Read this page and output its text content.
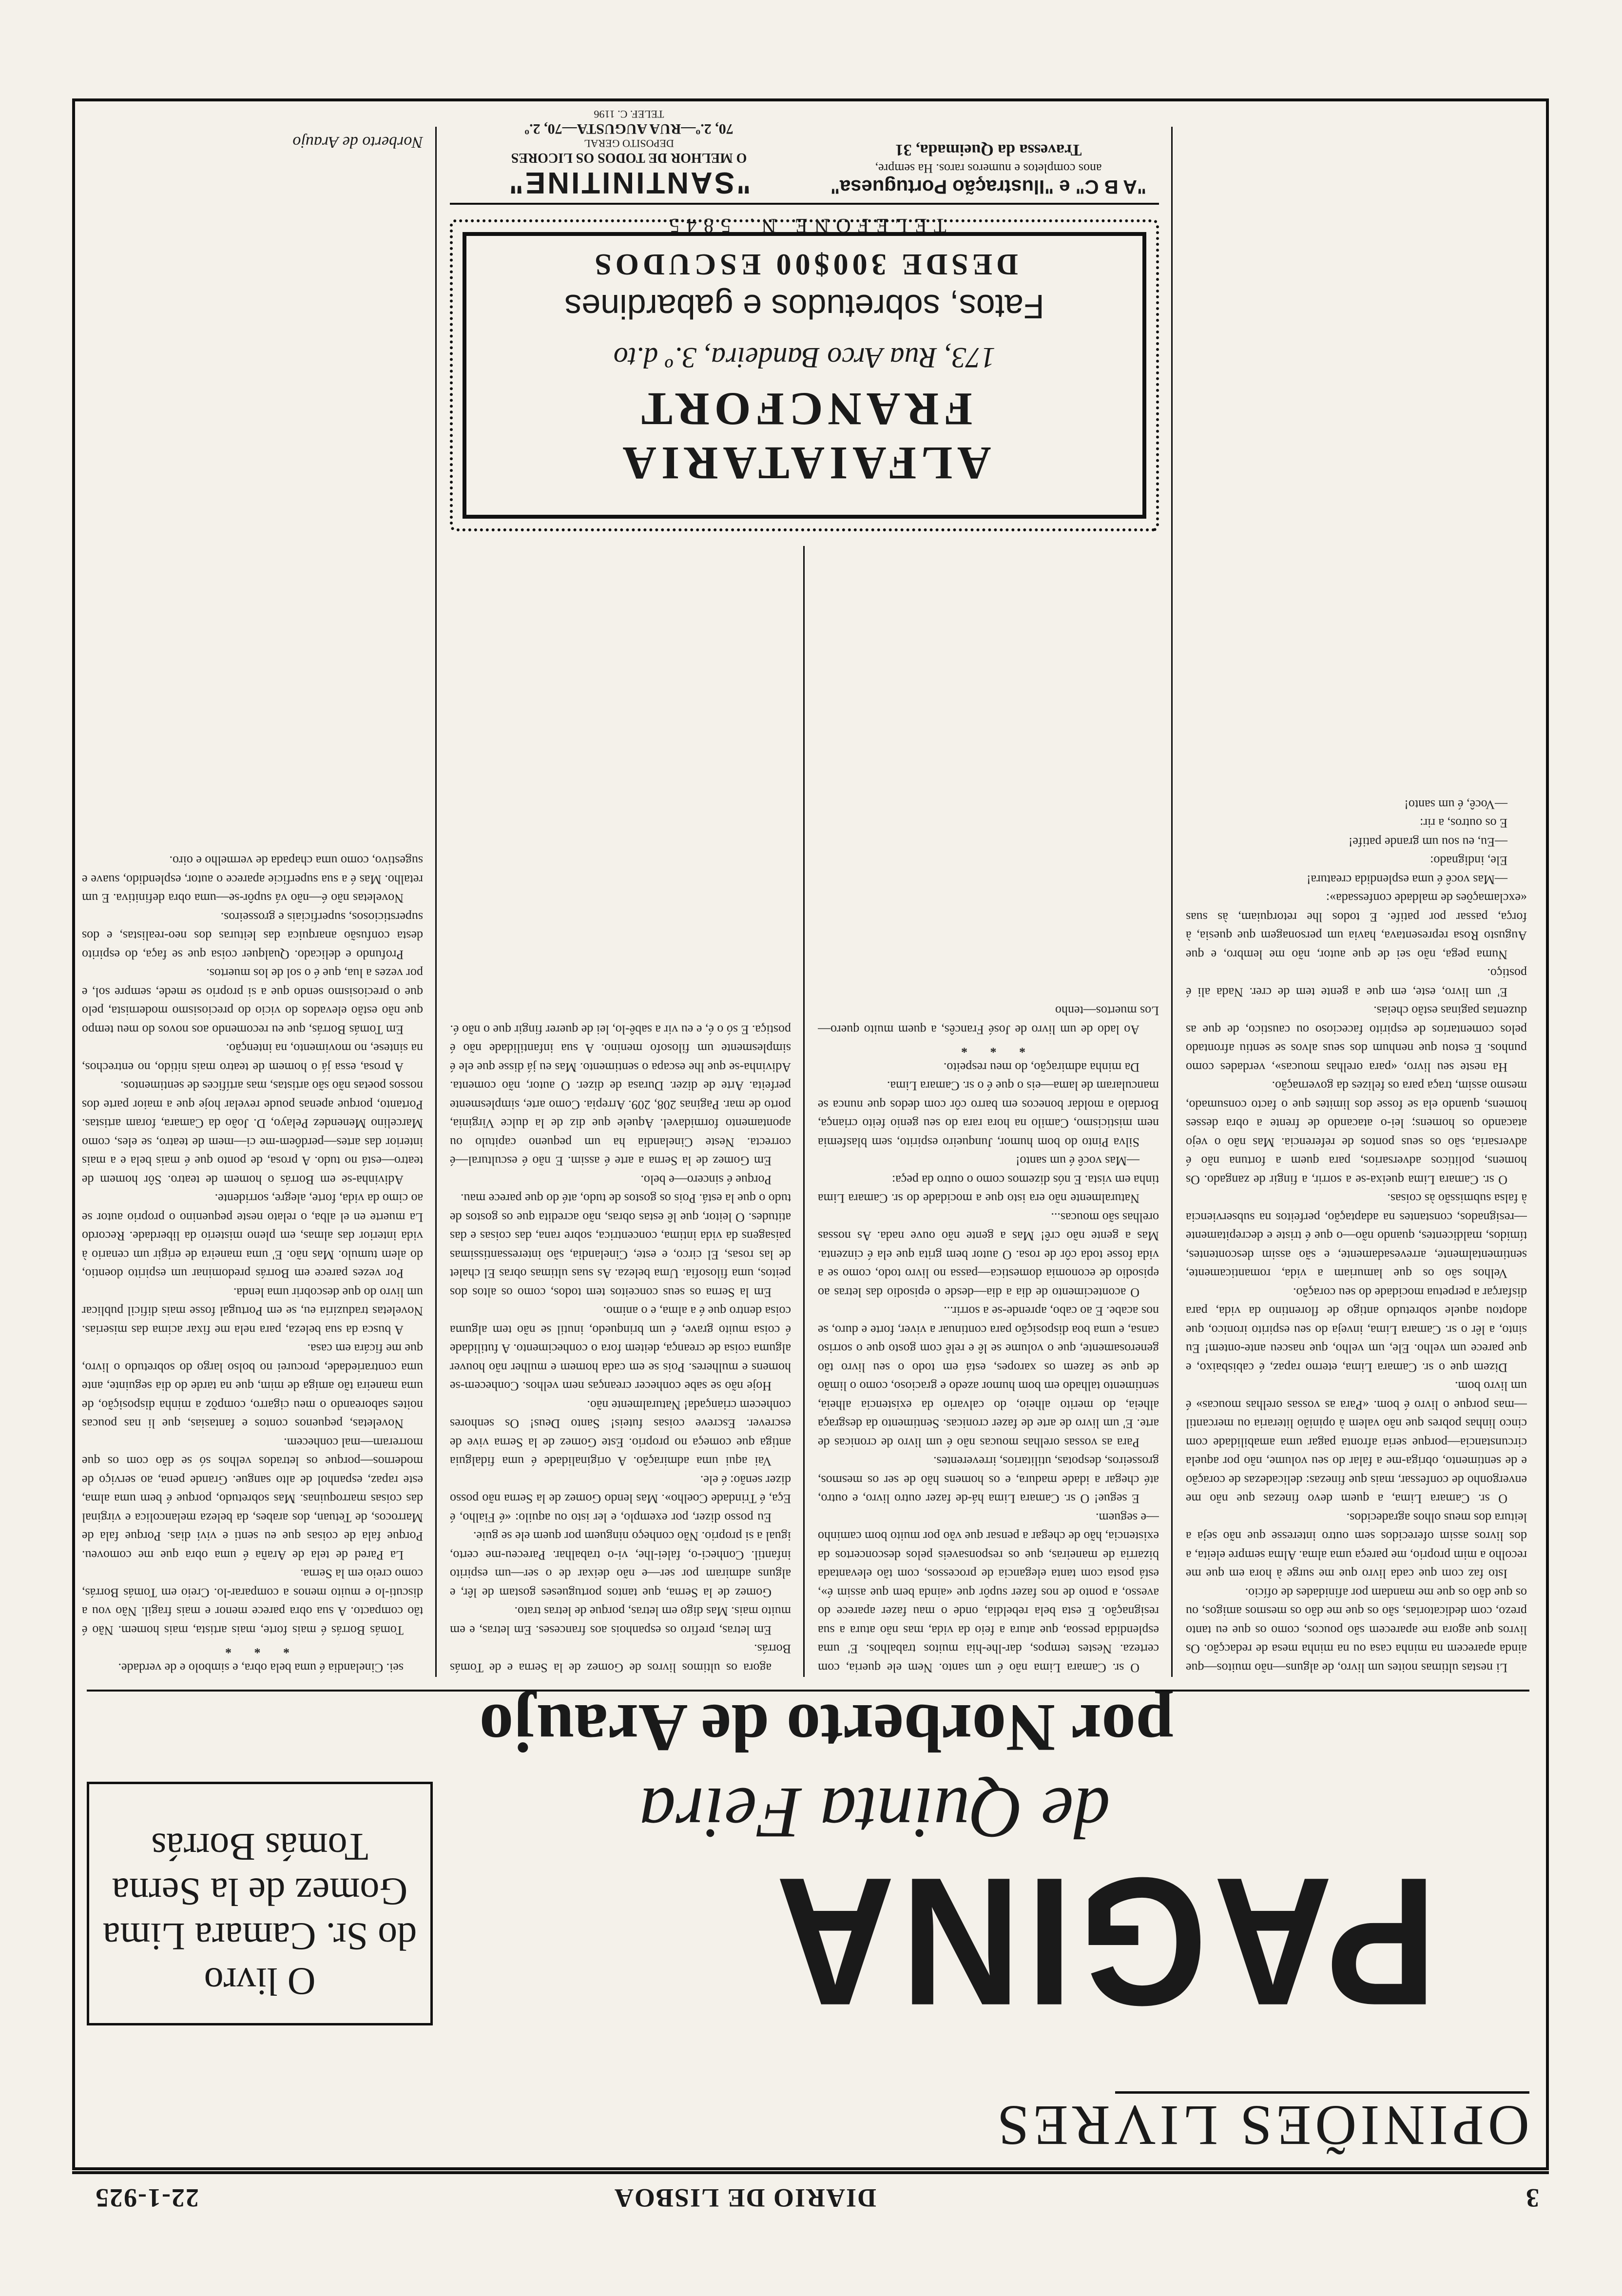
3
DIARIO DE LISBOA
22-1-925
OPINIÕES LIVRES
PAGINA
de Quinta Feira
por Norberto de Araujo
O livro
do Sr. Camara Lima
Gomez de la Serna
Tomás Borrás

Li nestas ultimas noites um livro, de alguns—não muitos—que ainda aparecem na minha casa ou na minha mesa de redacção. Os livros que agora me aparecem são poucos, como os que eu tanto prezo, com dedicatorias, são os que me dão os mesmos amigos, ou os que dão os que me mandam por afinidades de ofício.

Isto faz com que cada livro que me surge à hora em que me recolho a mim proprio, me pareça uma alma. Alma sempre eleita, a dos livros assim oferecidos sem outro interesse que não seja a leitura dos meus olhos agradecidos.

O sr. Camara Lima, a quem devo finezas que não me envergonho de confessar, mais que finezas: delicadezas de coração e de sentimento, obriga-me a falar do seu volume, não por aquela circunstancia—porque seria afronta pagar uma amabilidade com cinco linhas pobres que não valem à opinião literaria ou mercantil—mas porque o livro é bom. «Para as vossas orelhas moucas» é um livro bom.

Dizem que o sr. Camara Lima, eterno rapaz, é cabisbaixo, e que parece um velho. Ele, um velho, que nasceu ante-ontem! Eu sinto, a lêr o sr. Camara Lima, inveja do seu espirito ironico, que adoptou aquele sobretudo antigo de florentino da vida, para disfarçar a perpetua mocidade do seu coração.

Velhos são os que lamuriam a vida, romanticamente, sentimentalmente, arrevesadamente, e são assim descontentes, tímidos, maldicentes, quando não—o que é triste e decrepitamente—resignados, constantes na adaptação, perfeitos na subserviencia à falsa submissão às coisas.

O sr. Camara Lima queixa-se a sorrir, a fingir de zangado. Os homens, politicos adversarios, para quem a fortuna não é adversaria, são os seus pontos de referencia. Mas não o vejo atacando os homens; lei-o atacando de frente a obra desses homens, quando ela se fosse dos limites que o facto consumado, mesmo assim, traça para os felizes da governação.

Ha neste seu livro, «para orelhas moucas», verdades como punhos. E estou que nenhum dos seus alvos se sentiu afrontado pelos comentarios de espirito facecioso ou caustico, de que as duzentas paginas estão cheias.

E' um livro, este, em que a gente tem de crer. Nada ali é postiço.

Numa pega, não sei de que autor, não me lembro, e que Augusto Rosa representava, havia um personagem que quesia, à força, passar por patife. E todos lhe retorquiam, às suas «exclamações de maldade confessada»:

—Mas você é uma esplendida creatura!

Ele, indignado:

—Eu, eu sou um grande patife!

E os outros, a rir:

—Você, é um santo!

O sr. Camara Lima não é um santo. Nem ele queria, com certeza. Nestes tempos, dar-lhe-hia muitos trabalhos. E' uma esplendida pessoa, que atura a feio da vida, mas não atura a sua resignação. E esta bela rebeldia, onde o mau fazer aparece do avesso, a ponto de nos fazer supôr que «ainda bem que assim é», está posta com tanta elegancia de processos, com tão elevantada bizarria de maneiras, que os responsaveis pelos desconcertos da existencia, hão de chegar a pensar que vão por muito bom caminho—e seguem.

E segue! O sr. Camara Lima há-de fazer outro livro, e outro, até chegar a idade madura, e os homens hão de ser os mesmos, grosseiros, despotas, utilitarios, irreverentes.

Para as vossas orelhas moucas não é um livro de cronicas de arte. E' um livro de arte de fazer cronicas. Sentimento da desgraça alheia, do merito alheio, do calvario da existencia alheia, sentimento talhado em bom humor azedo e gracioso, como o limão de que se fazem os xaropes, está em todo o seu livro tão generosamente, que o volume se lê e relê com gosto que o sorriso cansa, e uma boa disposição para continuar a viver, forte e duro, se nos acabe. E ao cabo, aprende-se a sorrir...

O acontecimento de dia a dia—desde o episodio das letras ao episodio de economia domestica—passa no livro todo, como se a vida fosse toda côr de rosa. O autor bem grita que ela é cinzenta. Mas a gente não crê! Mas a gente não ouve nada. As nossas orelhas são moucas...

Naturalmente não era isto que a mocidade do sr. Camara Lima tinha em vista. E nós dizemos como o outro da peça:

—Mas você é um santo!

Silva Pinto do bom humor, Junqueiro espirito, sem blasfemia nem misticismo, Camilo na hora rara do seu genio feito criança, Bordalo a moldar bonecos em barro côr com dedos que nunca se mancularam de lama—eis o que é o sr. Camara Lima.

Da minha admiração, do meu respeito.

* * *

Ao lado de um livro de José Francês, a quem muito quero—Los muertos—tenho

agora os ultimos livros de Gomez de la Serna e de Tomás Borrás.

Em letras, prefiro os espanhois aos franceses. Em letras, e em muito mais. Mas digo em letras, porque de letras trato.

Gomez de la Serna, que tantos portugueses gostam de lêr, e alguns admiram por ser—e não deixar de o ser—um espirito infantil. Conheci-o, falei-lhe, vi-o trabalhar. Pareceu-me certo, igual a si proprio. Não conheço ninguem por quem ele se guie.

Eu posso dizer, por exemplo, e ler isto ou aquilo: «é Fialho, é Eça, é Trindade Coelho». Mas lendo Gomez de la Serna não posso dizer senão: é ele.

Vai aqui uma admiração. A originalidade é uma fidalguia antiga que começa no proprio. Este Gomez de la Serna vive de escrever. Escreve coisas futeis! Santo Deus! Os senhores conhecem criançada! Naturalmente não.

Hoje não se sabe conhecer creanças nem velhos. Conhecem-se homens e mulheres. Pois se em cada homem e mulher não houver alguma coisa de creança, deitem fora o conhecimento. A futilidade é coisa muito grave, é um brinquedo, inutil se não tem alguma coisa dentro que é a alma, e o animo.

Em la Serna os seus conceitos tem todos, como os altos dos peitos, uma filosofia. Uma beleza. As suas ultimas obras El chalet de las rosas, El circo, e este, Cinelandia, são interessantissimas paisagens da vida intima, concentrica, sobre rana, das coisas e das atitudes. O leitor, que lê estas obras, não acredita que os gostos de tudo o que la está. Pois os gostos de tudo, até do que parece mau.

Porque é sincero—e belo.

Em Gomez de la Serna a arte é assim. E não é escultural—é correcta. Neste Cinelandia ha um pequeno capitulo ou apontamento formidavel. Aquele que diz de la dulce Virginia, porto de mar. Paginas 208, 209. Arrepia. Como arte, simplesmente perfeita. Arte de dizer. Durasa de dizer. O autor, não comenta. Adivinha-se que lhe escapa o sentimento. Mas eu já disse que ele é simplesmente um filosofo menino. A sua infantilidade não é postiça. E só o é, e eu vir a sabê-lo, lei de querer fingir que o não é.

sei. Cinelandia é uma bela obra, e simbolo e de verdade.

* * *

Tomás Borrás é mais forte, mais artista, mais homem. Não é tão compacto. A sua obra parece menor e mais fragil. Não vou a discuti-lo e muito menos a comparar-lo. Creio em Tomás Borrás, como creio em la Serna.

La Pared de tela de Araña é uma obra que me comoveu. Porque fala de coisas que eu senti e vivi dias. Porque fala de Marrocos, de Tetuan, dos arabes, da beleza melancolica e virginal das coisas marroquinas. Mas sobretudo, porque é bem uma alma, este rapaz, espanhol de alto sangue. Grande pena, ao serviço de modernos—porque os letrados velhos só se dão com os que morreram—mal conhecem.

Noveletas, pequenos contos e fantasias, que li nas poucas noites saboreando o meu cigarro, compõz a minha disposição, de uma maneira tão amiga de mim, que na tarde do dia seguinte, ante uma contrariedade, procurei no bolso largo do sobretudo o livro, que me ficára em casa.

A busca da sua beleza, para nela me fixar acima das miserias. Noveletas traduziria eu, se em Portugal fosse mais dificil publicar um livro do que descobrir uma lenda.

Por vezes parece em Borrás predominar um espirito doentio, do alem tumulo. Mas não. E' uma maneira de erigir um cenario à vida interior das almas, em pleno misterio da liberdade. Recordo La muerte en el alba, o relato neste pequenino o proprio autor se ao cimo da vida, forte, alegre, sorridente.

Adivinha-se em Borrás o homem de teatro. Sôr homem de teatro—está no tudo. A prosa, de ponto que é mais bela e a mais interior das artes—perdôem-me ci—mem de teatro, se eles, como Marcelino Menendez Pelayo, D. João da Camara, foram artistas. Portanto, porque apenas poude revelar hoje que a maior parte dos nossos poetas não são artistas, mas artífices de sentimentos.

A prosa, essa já o homem de teatro mais nitido, no entrechos, na sintese, no movimento, na intenção.

Em Tomás Borrás, que eu recomendo aos novos do meu tempo que não estão elevados do vicio do preciosismo modernista, pelo que o preciosismo sendo que a si proprio se mede, sempre sol, e por vezes a lua, que é o sol de los muertos.

Profundo e delicado. Qualquer coisa que se faça, do espirito desta confusão anarquica das leituras dos neo-realistas, e dos supersticiosos, superficiais e grosseiros.

Noveletas não é—não vá supôr-se—uma obra definitiva. E um retalho. Mas é a sua superficie aparece o autor, esplendido, suave e sugestivo, como uma chapada de vermelho e oiro.

Norberto de Araujo
ALFAIATARIA FRANCFORT
173, Rua Arco Bandeira, 3.º d.to
Fatos, sobretudos e gabardines
DESDE 300$00 ESCUDOS
TELEFONE N. 5845
"A B C" e "Ilustração Portuguesa"
anos completos e numeros raros. Ha sempre,
Travessa da Queimada, 31
"SANTINITINE"
O MELHOR DE TODOS OS LICORES
DEPOSITO GERAL
70, 2.º—RUA AUGUSTA—70, 2.º
TELEF. C. 1196
